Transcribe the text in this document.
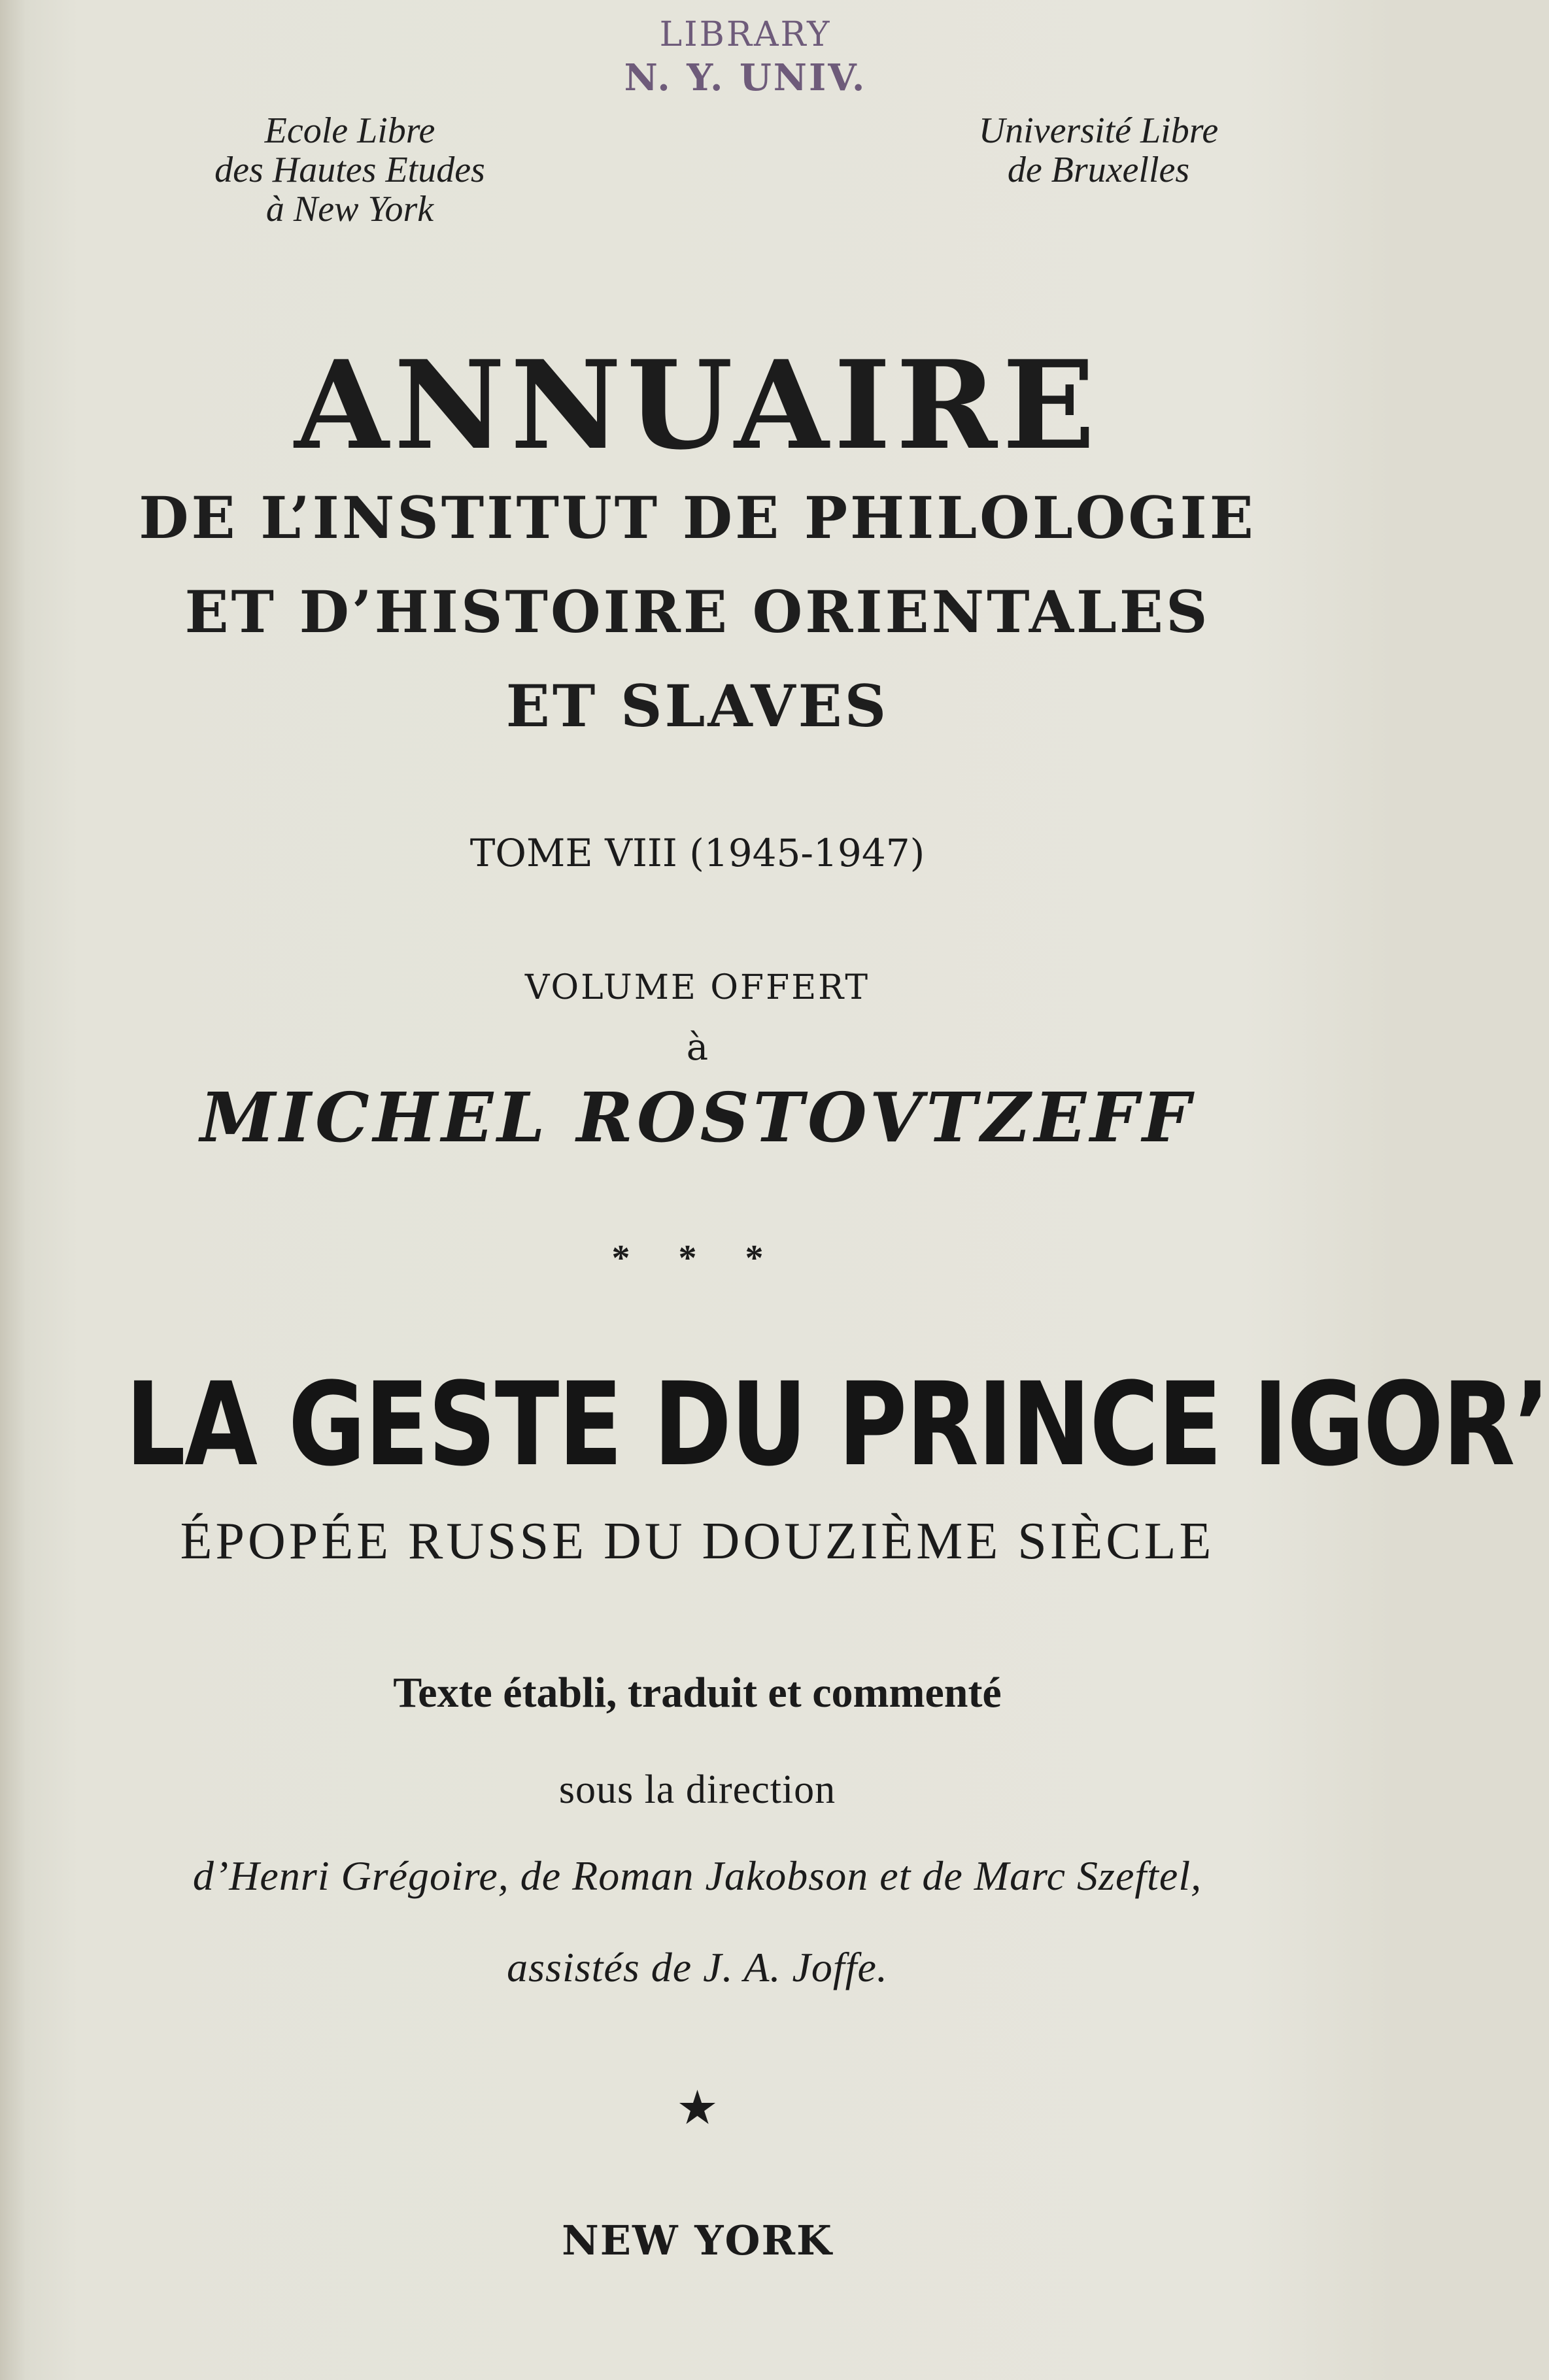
LIBRARY
N. Y. UNIV.
Ecole Libre
des Hautes Etudes
à New York
Université Libre
de Bruxelles
ANNUAIRE
DE L’INSTITUT DE PHILOLOGIE
ET D’HISTOIRE ORIENTALES
ET SLAVES
TOME VIII (1945-1947)
VOLUME OFFERT
à
MICHEL ROSTOVTZEFF
* * *
LA GESTE DU PRINCE IGOR’
ÉPOPÉE RUSSE DU DOUZIÈME SIÈCLE
Texte établi, traduit et commenté
sous la direction
d’Henri Grégoire, de Roman Jakobson et de Marc Szeftel,
assistés de J. A. Joffe.
★
NEW YORK
